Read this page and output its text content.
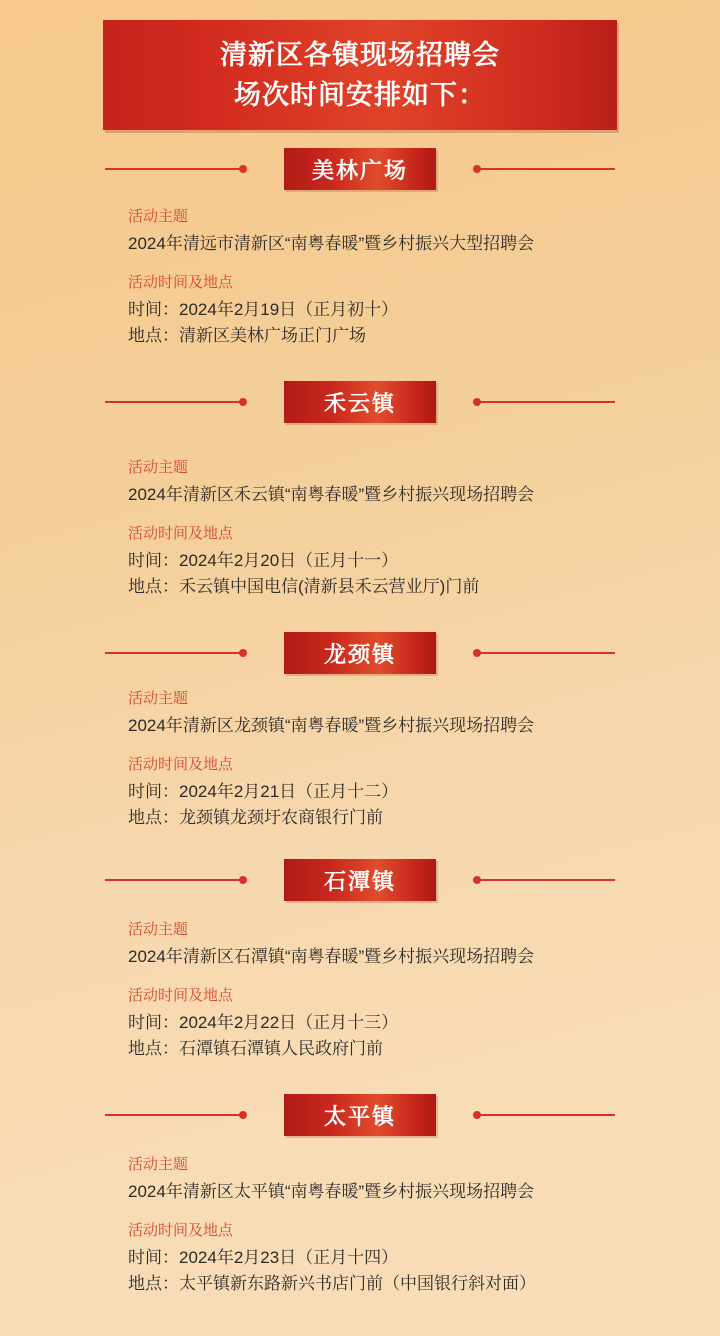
清新区各镇现场招聘会
场次时间安排如下：
美林广场
活动主题
2024年清远市清新区“南粤春暖”暨乡村振兴大型招聘会
活动时间及地点
时间：2024年2月19日（正月初十）
地点：清新区美林广场正门广场
禾云镇
活动主题
2024年清新区禾云镇“南粤春暖”暨乡村振兴现场招聘会
活动时间及地点
时间：2024年2月20日（正月十一）
地点：禾云镇中国电信(清新县禾云营业厅)门前
龙颈镇
活动主题
2024年清新区龙颈镇“南粤春暖”暨乡村振兴现场招聘会
活动时间及地点
时间：2024年2月21日（正月十二）
地点：龙颈镇龙颈圩农商银行门前
石潭镇
活动主题
2024年清新区石潭镇“南粤春暖”暨乡村振兴现场招聘会
活动时间及地点
时间：2024年2月22日（正月十三）
地点：石潭镇石潭镇人民政府门前
太平镇
活动主题
2024年清新区太平镇“南粤春暖”暨乡村振兴现场招聘会
活动时间及地点
时间：2024年2月23日（正月十四）
地点：太平镇新东路新兴书店门前（中国银行斜对面）
